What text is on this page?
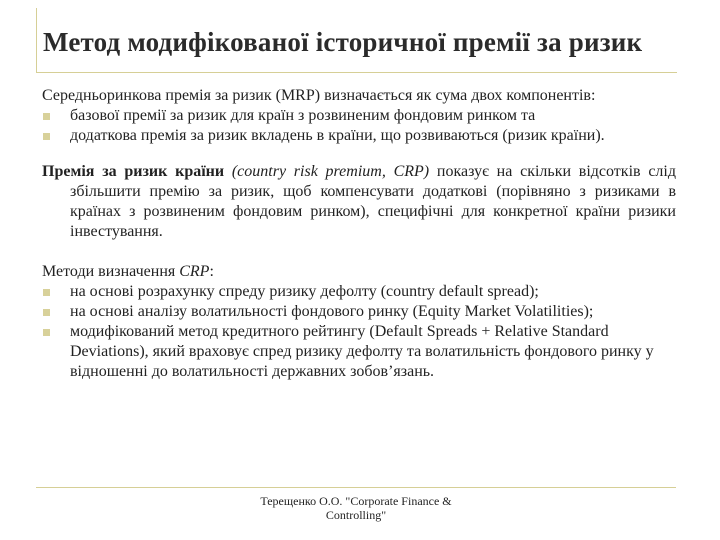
Метод модифікованої історичної премії за ризик

Середньоринкова премія за ризик (MRP) визначається як сума двох компонентів:

базової премії за ризик для країн з розвиненим фондовим ринком та
додаткова премія за ризик вкладень в країни, що розвиваються (ризик країни).

Премія за ризик країни (country risk premium, CRP) показує на скільки відсотків слід збільшити премію за ризик, щоб компенсувати додаткові (порівняно з ризиками в країнах з розвиненим фондовим ринком), специфічні для конкретної країни ризики інвестування.

Методи визначення CRP:

на основі розрахунку спреду ризику дефолту (country default spread);
на основі аналізу волатильності фондового ринку (Equity Market Volatilities);
модифікований метод кредитного рейтингу (Default Spreads + Relative Standard Deviations), який враховує спред ризику дефолту та волатильність фондового ринку у відношенні до волатильності державних зобов’язань.
Терещенко О.О. "Corporate Finance &
Controlling"
